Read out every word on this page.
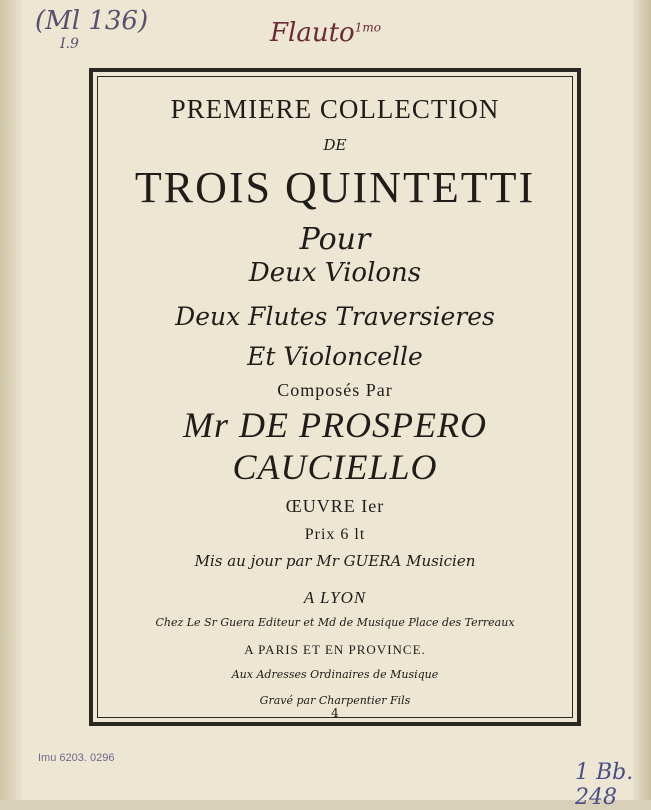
(Ml 136)
I.9	Flauto$^{1mo}$
PREMIERE COLLECTION
DE
TROIS QUINTETTI
Pour
Deux Violons
Deux Flutes Traversieres
Et Violoncelle
Composés Par
Mr DE PROSPERO
CAUCIELLO
ŒUVRE Ier
Prix 6 lt
Mis au jour par Mr GUERA Musicien
A LYON
Chez Le Sr Guera Editeur et Md de Musique Place des Terreaux
A PARIS ET EN PROVINCE.
Aux Adresses Ordinaires de Musique
Gravé par Charpentier Fils
4
Imu 6203. 0296
1 Bb. 248
